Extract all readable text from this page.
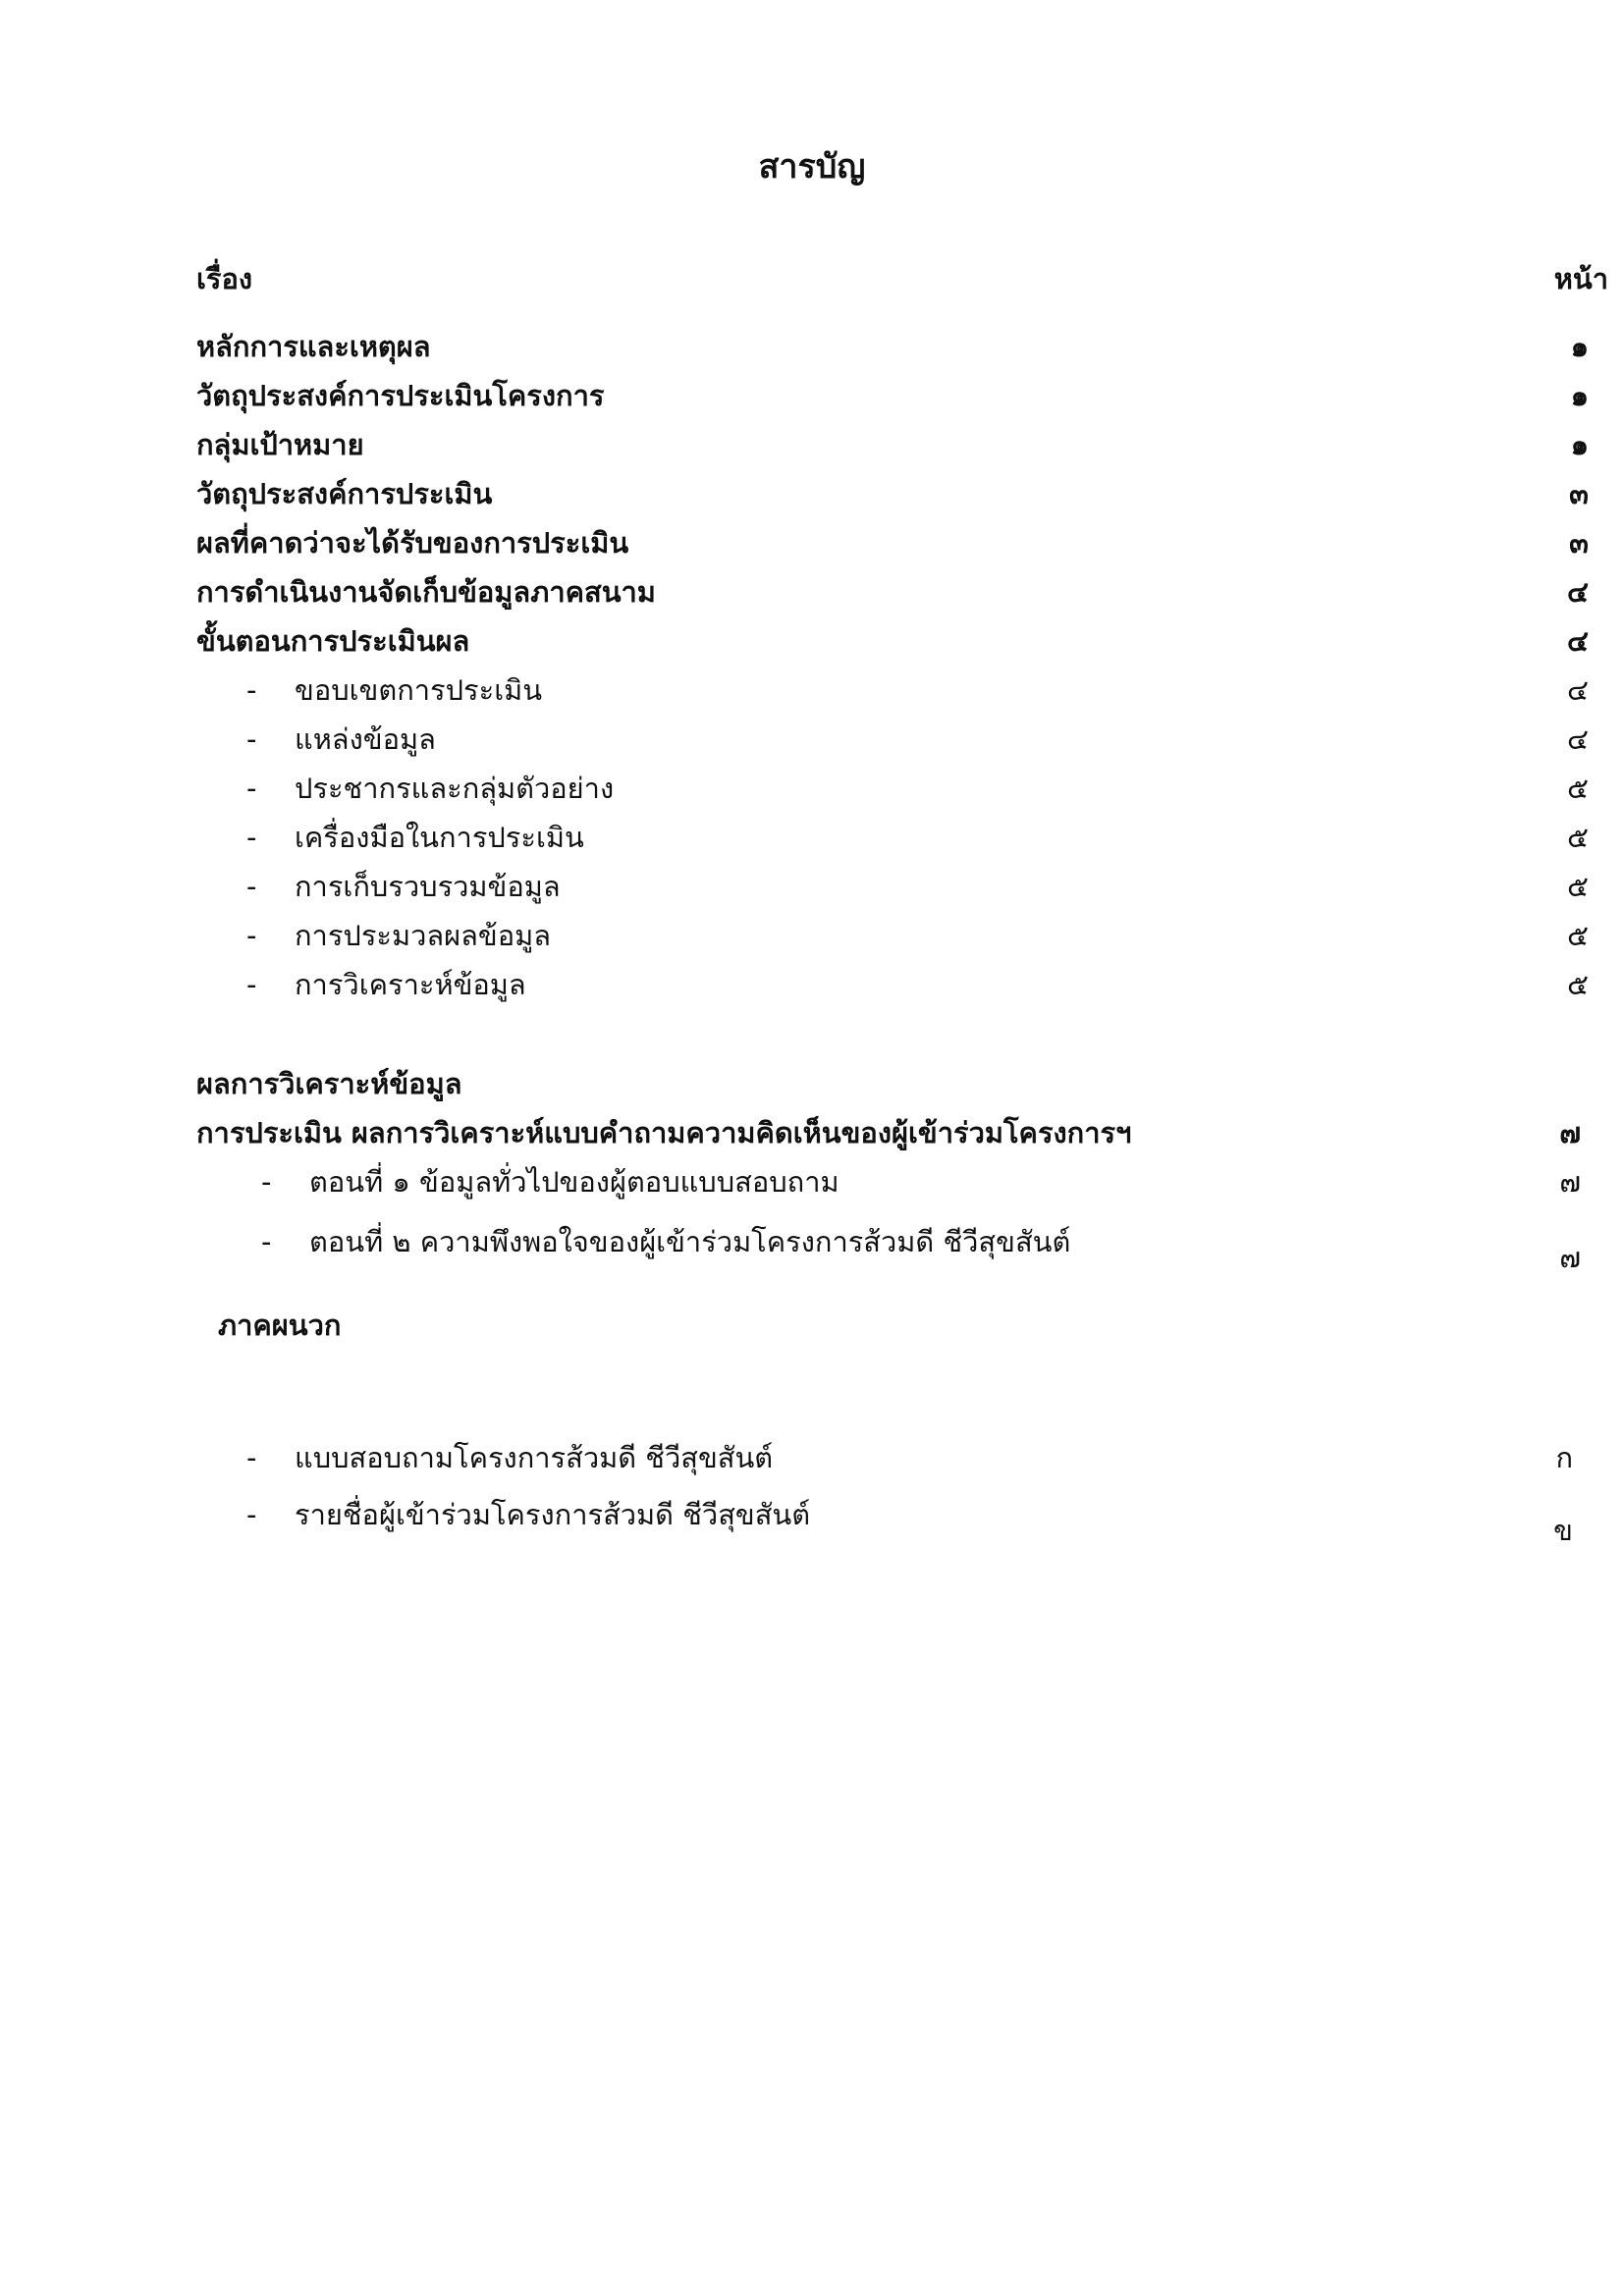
สารบัญ
เรื่อง	หน้า
หลักการและเหตุผล	๑
วัตถุประสงค์การประเมินโครงการ	๑
กลุ่มเป้าหมาย	๑
วัตถุประสงค์การประเมิน	๓
ผลที่คาดว่าจะได้รับของการประเมิน	๓
การดำเนินงานจัดเก็บข้อมูลภาคสนาม	๔
ขั้นตอนการประเมินผล	๔
- ขอบเขตการประเมิน	๔
- แหล่งข้อมูล	๔
- ประชากรและกลุ่มตัวอย่าง	๕
- เครื่องมือในการประเมิน	๕
- การเก็บรวบรวมข้อมูล	๕
- การประมวลผลข้อมูล	๕
- การวิเคราะห์ข้อมูล	๕
ผลการวิเคราะห์ข้อมูล
การประเมิน ผลการวิเคราะห์แบบคำถามความคิดเห็นของผู้เข้าร่วมโครงการฯ	๗
- ตอนที่ ๑ ข้อมูลทั่วไปของผู้ตอบแบบสอบถาม	๗
- ตอนที่ ๒ ความพึงพอใจของผู้เข้าร่วมโครงการส้วมดี ชีวีสุขสันต์	๗
ภาคผนวก
- แบบสอบถามโครงการส้วมดี ชีวีสุขสันต์	ก
- รายชื่อผู้เข้าร่วมโครงการส้วมดี ชีวีสุขสันต์	ข
